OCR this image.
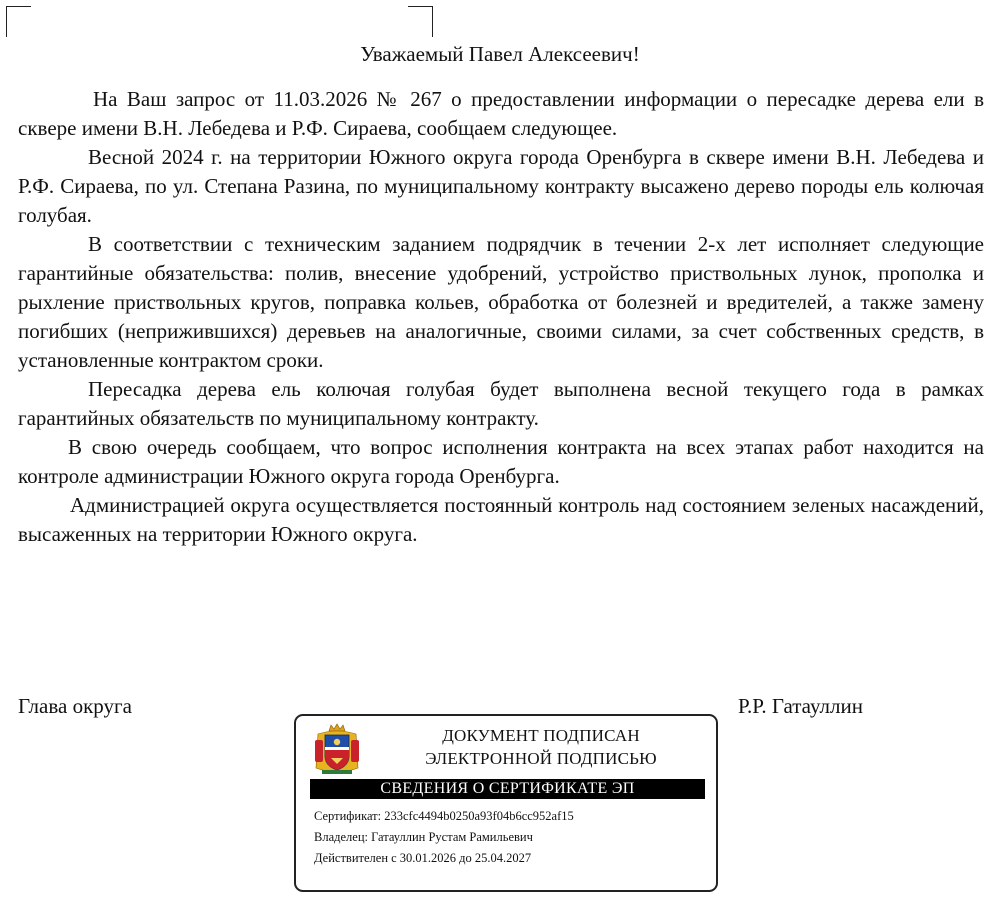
Уважаемый Павел Алексеевич!

На Ваш запрос от 11.03.2026 № 267 о предоставлении информации о пересадке дерева ели в сквере имени В.Н. Лебедева и Р.Ф. Сираева, сообщаем следующее.

Весной 2024 г. на территории Южного округа города Оренбурга в сквере имени В.Н. Лебедева и Р.Ф. Сираева, по ул. Степана Разина, по муниципальному контракту высажено дерево породы ель колючая голубая.

В соответствии с техническим заданием подрядчик в течении 2-х лет исполняет следующие гарантийные обязательства: полив, внесение удобрений, устройство приствольных лунок, прополка и рыхление приствольных кругов, поправка кольев, обработка от болезней и вредителей, а также замену погибших (неприжившихся) деревьев на аналогичные, своими силами, за счет собственных средств, в установленные контрактом сроки.

Пересадка дерева ель колючая голубая будет выполнена весной текущего года в рамках гарантийных обязательств по муниципальному контракту.

В свою очередь сообщаем, что вопрос исполнения контракта на всех этапах работ находится на контроле администрации Южного округа города Оренбурга.

Администрацией округа осуществляется постоянный контроль над состоянием зеленых насаждений, высаженных на территории Южного округа.

Глава округа	Р.Р. Гатауллин
ДОКУМЕНТ ПОДПИСАН
ЭЛЕКТРОННОЙ ПОДПИСЬЮ
СВЕДЕНИЯ О СЕРТИФИКАТЕ ЭП
Сертификат: 233cfc4494b0250a93f04b6cc952af15
Владелец: Гатауллин Рустам Рамильевич
Действителен с 30.01.2026 до 25.04.2027
